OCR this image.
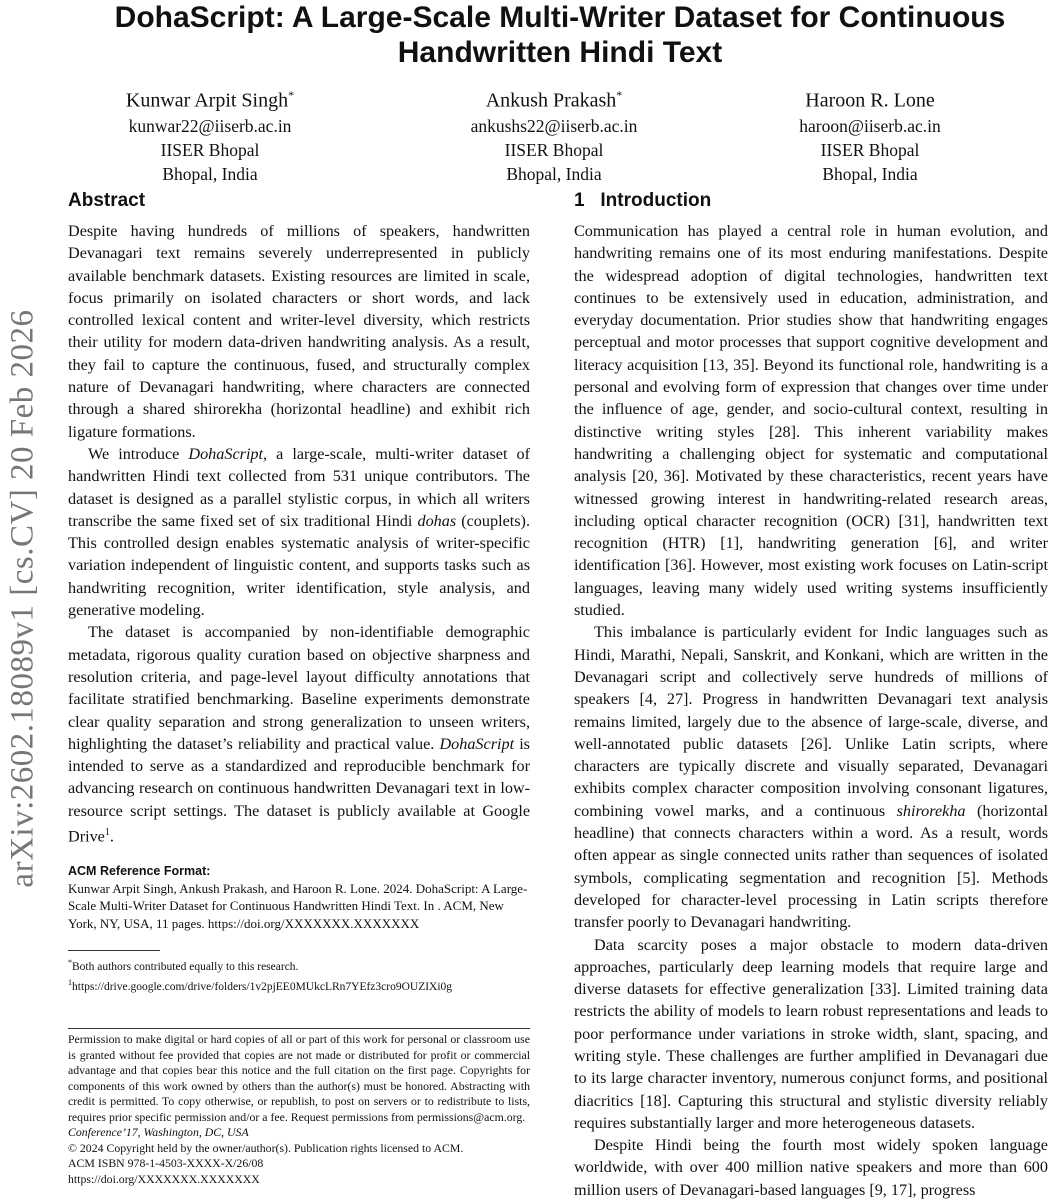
arXiv:2602.18089v1 [cs.CV] 20 Feb 2026
DohaScript: A Large-Scale Multi-Writer Dataset for Continuous
Handwritten Hindi Text
Kunwar Arpit Singh*
kunwar22@iiserb.ac.in
IISER Bhopal
Bhopal, India
Ankush Prakash*
ankushs22@iiserb.ac.in
IISER Bhopal
Bhopal, India
Haroon R. Lone
haroon@iiserb.ac.in
IISER Bhopal
Bhopal, India
Abstract

Despite having hundreds of millions of speakers, handwritten Devanagari text remains severely underrepresented in publicly available benchmark datasets. Existing resources are limited in scale, focus primarily on isolated characters or short words, and lack controlled lexical content and writer-level diversity, which restricts their utility for modern data-driven handwriting analysis. As a result, they fail to capture the continuous, fused, and structurally complex nature of Devanagari handwriting, where characters are connected through a shared shirorekha (horizontal headline) and exhibit rich ligature formations.

We introduce DohaScript, a large-scale, multi-writer dataset of handwritten Hindi text collected from 531 unique contributors. The dataset is designed as a parallel stylistic corpus, in which all writers transcribe the same fixed set of six traditional Hindi dohas (couplets). This controlled design enables systematic analysis of writer-specific variation independent of linguistic content, and supports tasks such as handwriting recognition, writer identification, style analysis, and generative modeling.

The dataset is accompanied by non-identifiable demographic metadata, rigorous quality curation based on objective sharpness and resolution criteria, and page-level layout difficulty annotations that facilitate stratified benchmarking. Baseline experiments demonstrate clear quality separation and strong generalization to unseen writers, highlighting the dataset’s reliability and practical value. DohaScript is intended to serve as a standardized and reproducible benchmark for advancing research on continuous handwritten Devanagari text in low-resource script settings. The dataset is publicly available at Google Drive$^1$.

ACM Reference Format:
Kunwar Arpit Singh, Ankush Prakash, and Haroon R. Lone. 2024. DohaScript: A Large-Scale Multi-Writer Dataset for Continuous Handwritten Hindi Text. In . ACM, New York, NY, USA, 11 pages. https://doi.org/XXXXXXX.XXXXXXX
*Both authors contributed equally to this research.
$^1$https://drive.google.com/drive/folders/1v2pjEE0MUkcLRn7YEfz3cro9OUZIXi0g
Permission to make digital or hard copies of all or part of this work for personal or classroom use is granted without fee provided that copies are not made or distributed for profit or commercial advantage and that copies bear this notice and the full citation on the first page. Copyrights for components of this work owned by others than the author(s) must be honored. Abstracting with credit is permitted. To copy otherwise, or republish, to post on servers or to redistribute to lists, requires prior specific permission and/or a fee. Request permissions from permissions@acm.org.
Conference’17, Washington, DC, USA
© 2024 Copyright held by the owner/author(s). Publication rights licensed to ACM.
ACM ISBN 978-1-4503-XXXX-X/26/08
https://doi.org/XXXXXXX.XXXXXXX
1   Introduction

Communication has played a central role in human evolution, and handwriting remains one of its most enduring manifestations. Despite the widespread adoption of digital technologies, handwritten text continues to be extensively used in education, administration, and everyday documentation. Prior studies show that handwriting engages perceptual and motor processes that support cognitive development and literacy acquisition [13, 35]. Beyond its functional role, handwriting is a personal and evolving form of expression that changes over time under the influence of age, gender, and socio-cultural context, resulting in distinctive writing styles [28]. This inherent variability makes handwriting a challenging object for systematic and computational analysis [20, 36]. Motivated by these characteristics, recent years have witnessed growing interest in handwriting-related research areas, including optical character recognition (OCR) [31], handwritten text recognition (HTR) [1], handwriting generation [6], and writer identification [36]. However, most existing work focuses on Latin-script languages, leaving many widely used writing systems insufficiently studied.

This imbalance is particularly evident for Indic languages such as Hindi, Marathi, Nepali, Sanskrit, and Konkani, which are written in the Devanagari script and collectively serve hundreds of millions of speakers [4, 27]. Progress in handwritten Devanagari text analysis remains limited, largely due to the absence of large-scale, diverse, and well-annotated public datasets [26]. Unlike Latin scripts, where characters are typically discrete and visually separated, Devanagari exhibits complex character composition involving consonant ligatures, combining vowel marks, and a continuous shirorekha (horizontal headline) that connects characters within a word. As a result, words often appear as single connected units rather than sequences of isolated symbols, complicating segmentation and recognition [5]. Methods developed for character-level processing in Latin scripts therefore transfer poorly to Devanagari handwriting.

Data scarcity poses a major obstacle to modern data-driven approaches, particularly deep learning models that require large and diverse datasets for effective generalization [33]. Limited training data restricts the ability of models to learn robust representations and leads to poor performance under variations in stroke width, slant, spacing, and writing style. These challenges are further amplified in Devanagari due to its large character inventory, numerous conjunct forms, and positional diacritics [18]. Capturing this structural and stylistic diversity reliably requires substantially larger and more heterogeneous datasets.

Despite Hindi being the fourth most widely spoken language worldwide, with over 400 million native speakers and more than 600 million users of Devanagari-based languages [9, 17], progress
